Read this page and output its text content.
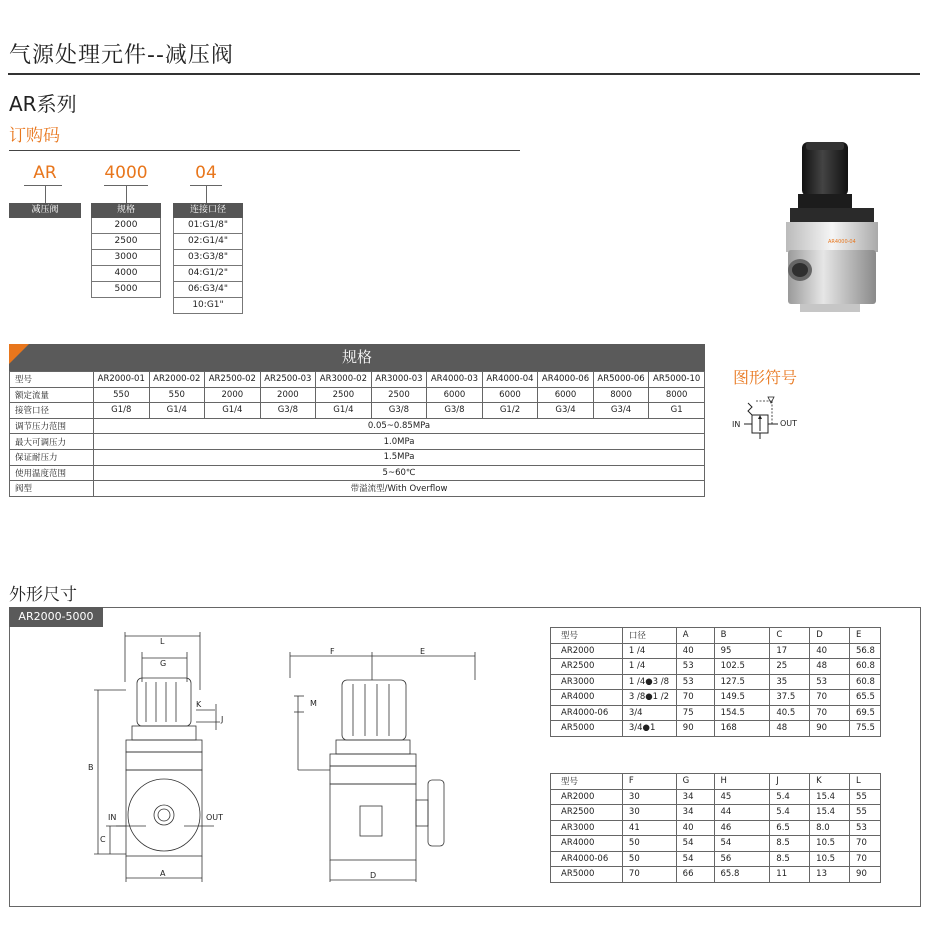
气源处理元件--减压阀
AR系列
订购码
AR
减压阀
4000
规格
2000
2500
3000
4000
5000
04
连接口径
01:G1/8"
02:G1/4"
03:G3/8"
04:G1/2"
06:G3/4"
10:G1"
AR4000-04
规格
型号	AR2000-01	AR2000-02	AR2500-02	AR2500-03	AR3000-02	AR3000-03	AR4000-03	AR4000-04	AR4000-06	AR5000-06	AR5000-10
额定流量	550	550	2000	2000	2500	2500	6000	6000	6000	8000	8000
接管口径	G1/8	G1/4	G1/4	G3/8	G1/4	G3/8	G3/8	G1/2	G3/4	G3/4	G1
调节压力范围	0.05~0.85MPa										
最大可调压力	1.0MPa										
保证耐压力	1.5MPa										
使用温度范围	5~60℃										
阀型	带溢流型/With Overflow										
图形符号
IN	OUT
外形尺寸
AR2000-5000
L
G
K
J
B
C
IN	OUT
A
F	E
M
D
型号	口径	A	B	C	D	E
AR2000	1 /4	40	95	17	40	56.8
AR2500	1 /4	53	102.5	25	48	60.8
AR3000	1 /4●3 /8	53	127.5	35	53	60.8
AR4000	3 /8●1 /2	70	149.5	37.5	70	65.5
AR4000-06	3/4	75	154.5	40.5	70	69.5
AR5000	3/4●1	90	168	48	90	75.5
型号	F	G	H	J	K	L
AR2000	30	34	45	5.4	15.4	55
AR2500	30	34	44	5.4	15.4	55
AR3000	41	40	46	6.5	8.0	53
AR4000	50	54	54	8.5	10.5	70
AR4000-06	50	54	56	8.5	10.5	70
AR5000	70	66	65.8	11	13	90
